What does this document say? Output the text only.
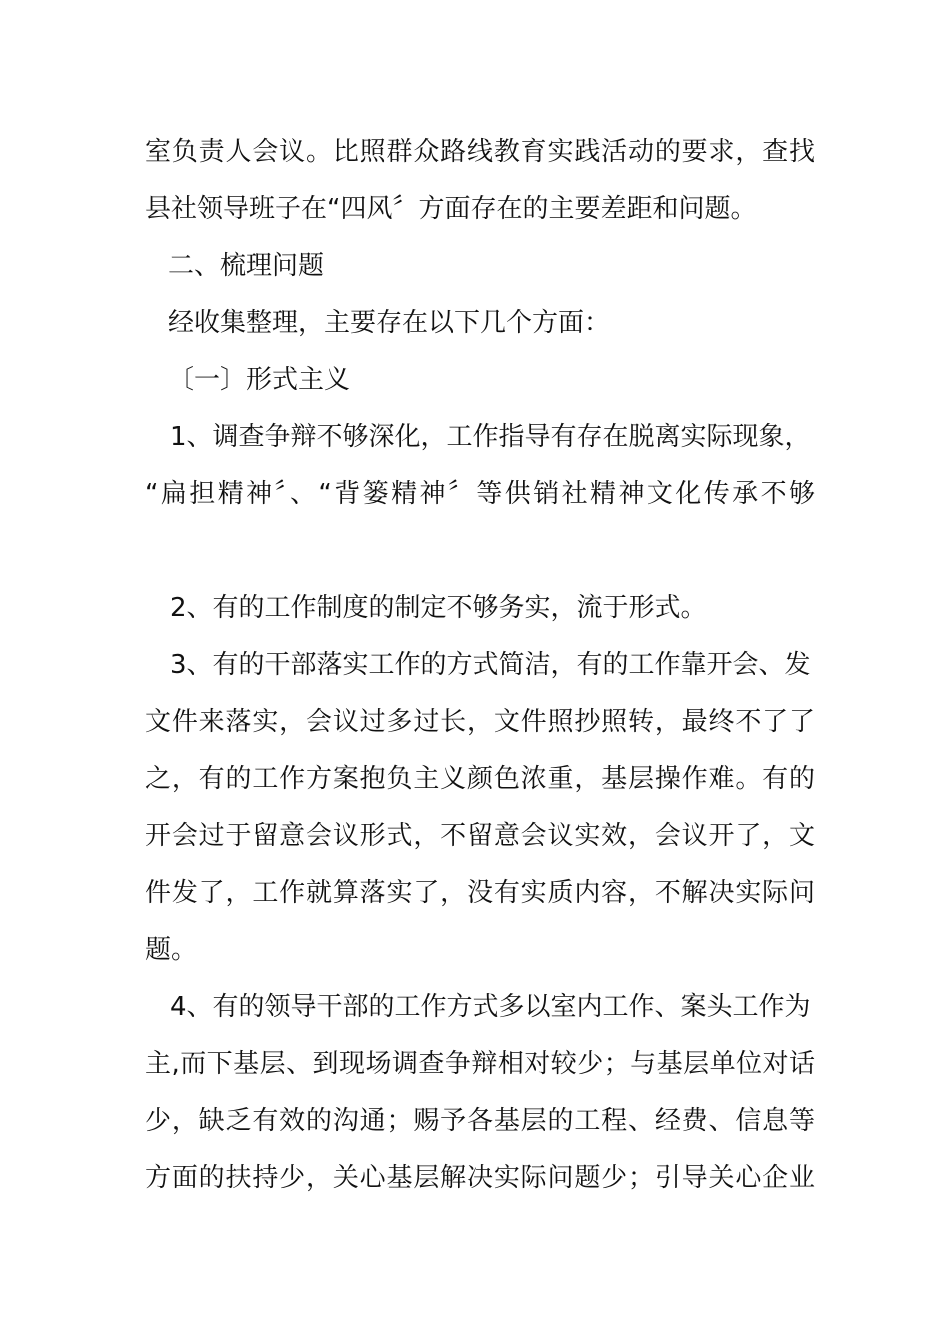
室负责人会议。比照群众路线教育实践活动的要求，查找
县社领导班子在“四风〞方面存在的主要差距和问题。
二、梳理问题
经收集整理，主要存在以下几个方面：
〔一〕形式主义
1、调查争辩不够深化，工作指导有存在脱离实际现象，
“扁担精神〞、“背篓精神〞等供销社精神文化传承不够
2、有的工作制度的制定不够务实，流于形式。
3、有的干部落实工作的方式简洁，有的工作靠开会、发
文件来落实，会议过多过长，文件照抄照转，最终不了了
之，有的工作方案抱负主义颜色浓重，基层操作难。有的
开会过于留意会议形式，不留意会议实效，会议开了，文
件发了，工作就算落实了，没有实质内容，不解决实际问
题。
4、有的领导干部的工作方式多以室内工作、案头工作为
主,而下基层、到现场调查争辩相对较少；与基层单位对话
少，缺乏有效的沟通；赐予各基层的工程、经费、信息等
方面的扶持少，关心基层解决实际问题少；引导关心企业
